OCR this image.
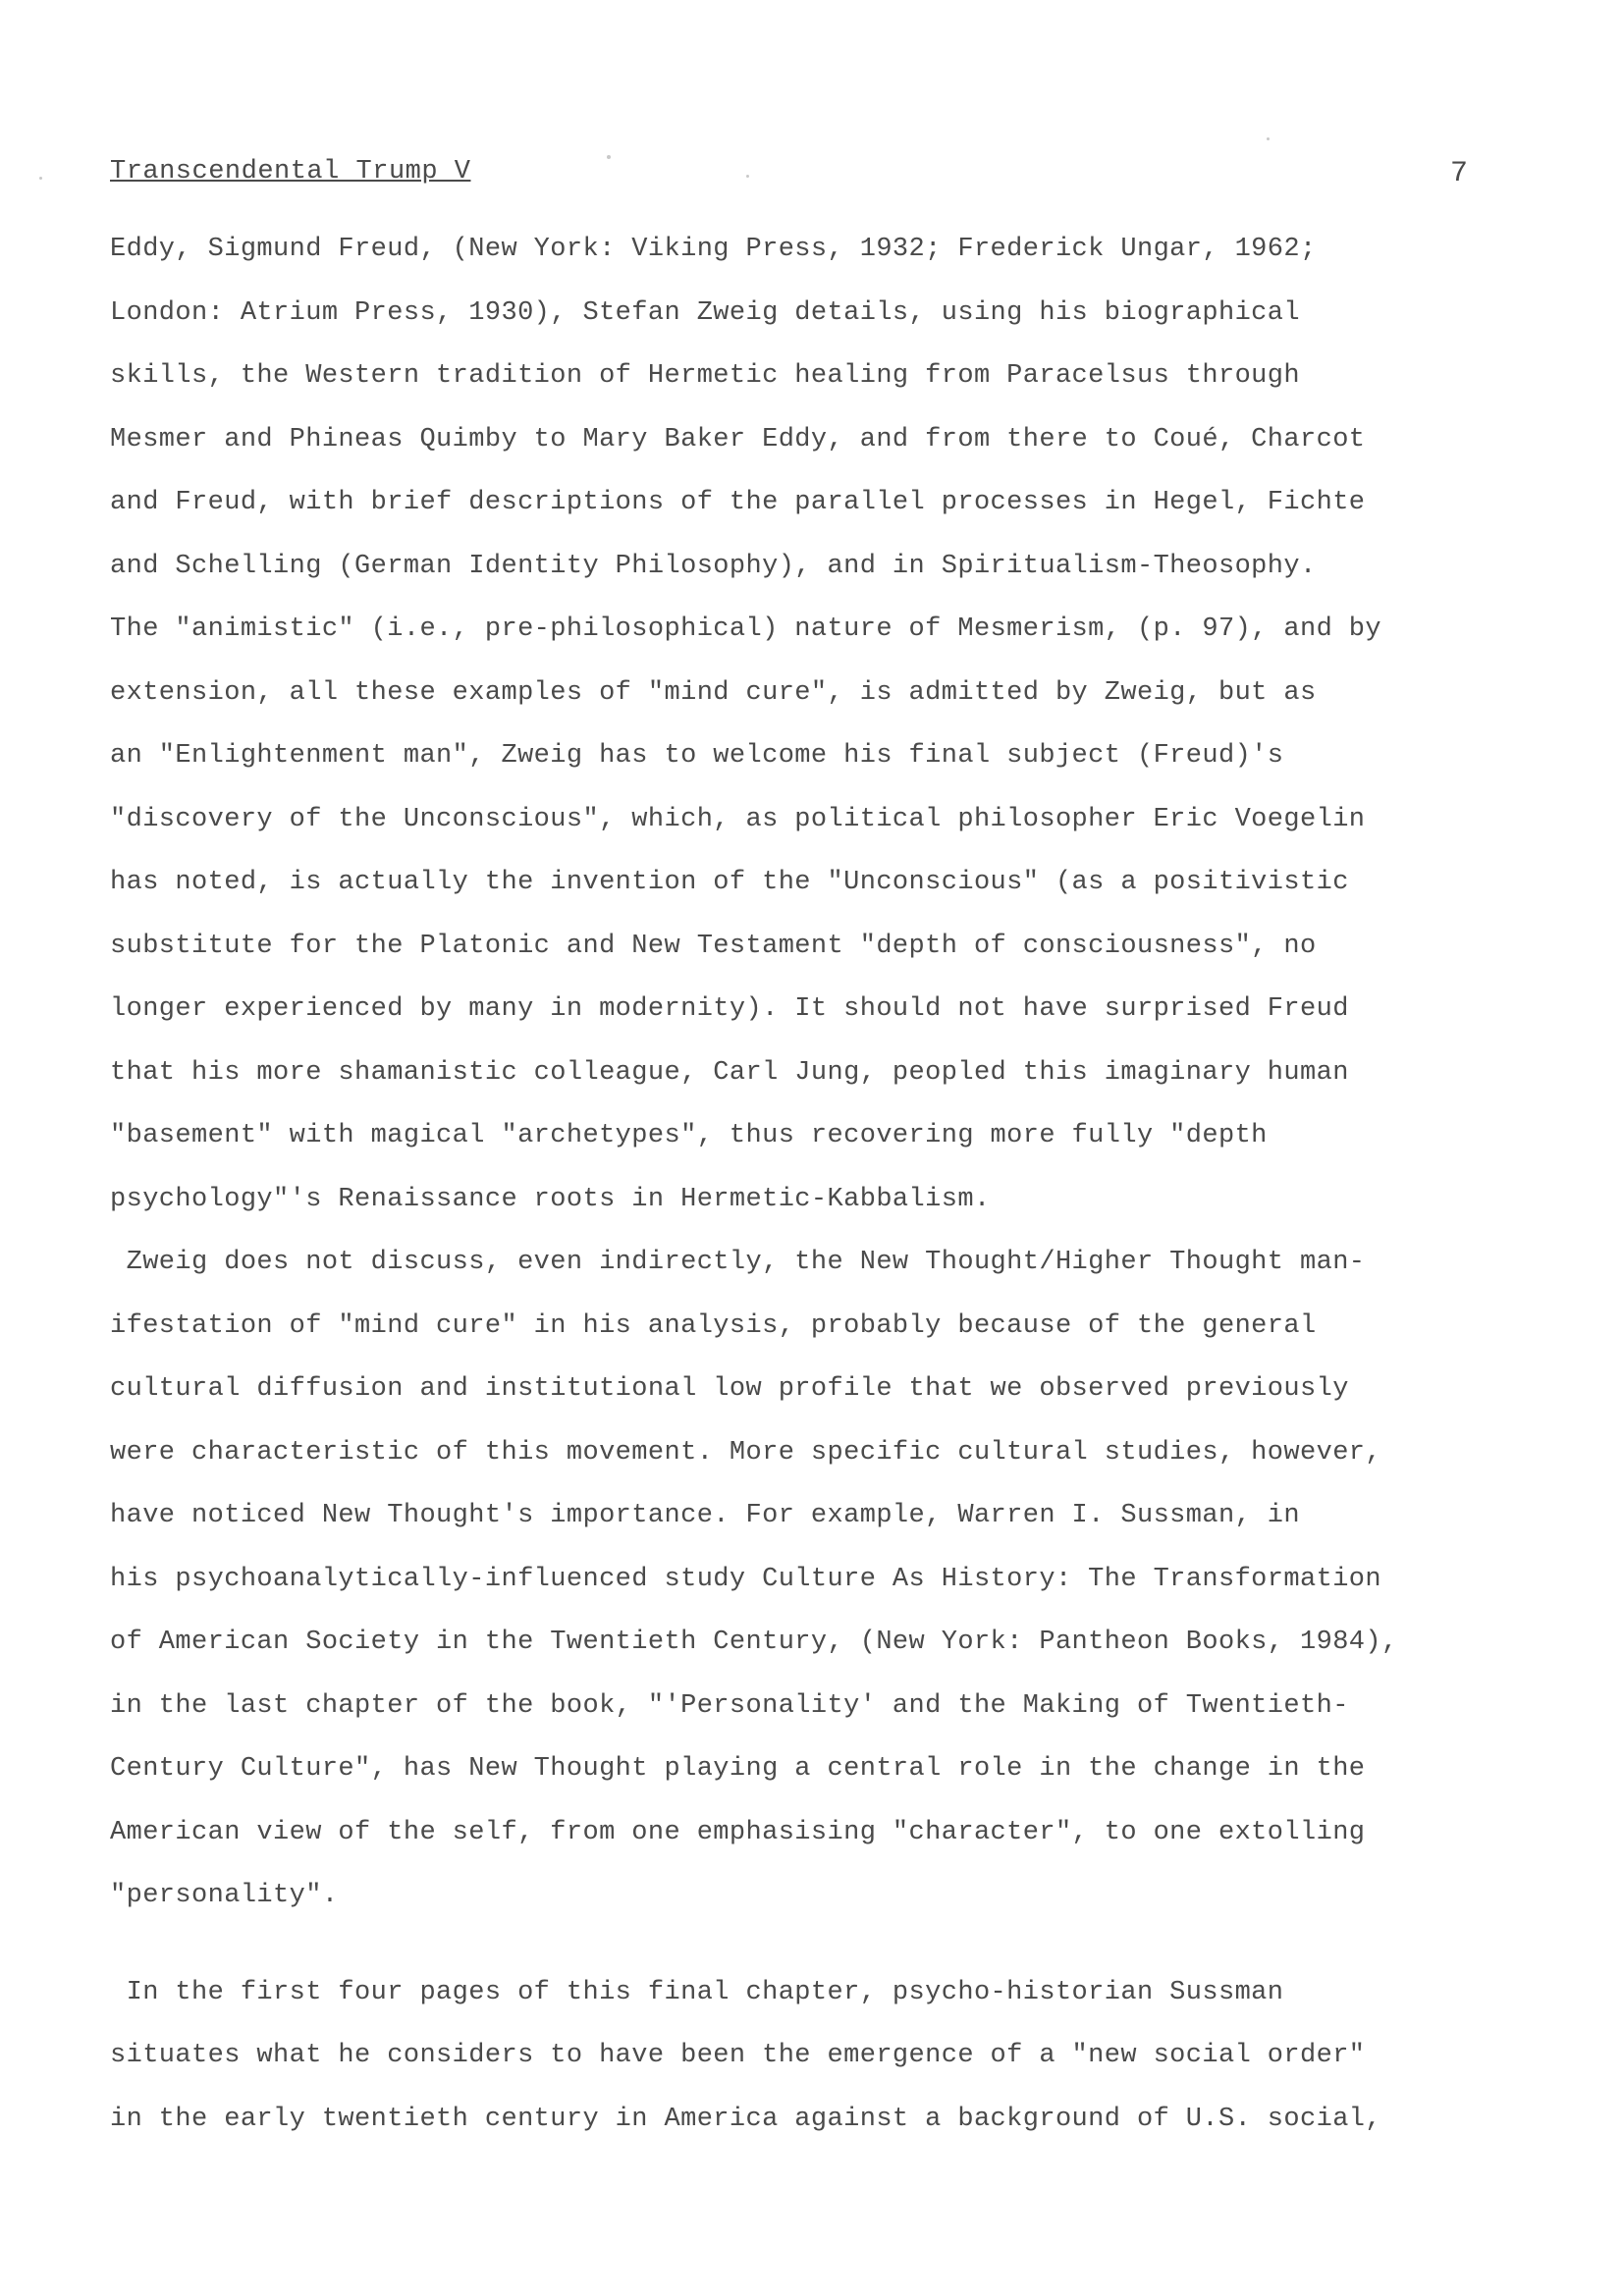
Transcendental Trump V	7
Eddy, Sigmund Freud, (New York: Viking Press, 1932; Frederick Ungar, 1962;
London: Atrium Press, 1930), Stefan Zweig details, using his biographical
skills, the Western tradition of Hermetic healing from Paracelsus through
Mesmer and Phineas Quimby to Mary Baker Eddy, and from there to Coué, Charcot
and Freud, with brief descriptions of the parallel processes in Hegel, Fichte
and Schelling (German Identity Philosophy), and in Spiritualism-Theosophy.
The "animistic" (i.e., pre-philosophical) nature of Mesmerism, (p. 97), and by
extension, all these examples of "mind cure", is admitted by Zweig, but as
an "Enlightenment man", Zweig has to welcome his final subject (Freud)'s
"discovery of the Unconscious", which, as political philosopher Eric Voegelin
has noted, is actually the invention of the "Unconscious" (as a positivistic
substitute for the Platonic and New Testament "depth of consciousness", no
longer experienced by many in modernity). It should not have surprised Freud
that his more shamanistic colleague, Carl Jung, peopled this imaginary human
"basement" with magical "archetypes", thus recovering more fully "depth
psychology"'s Renaissance roots in Hermetic-Kabbalism.
Zweig does not discuss, even indirectly, the New Thought/Higher Thought man-
ifestation of "mind cure" in his analysis, probably because of the general
cultural diffusion and institutional low profile that we observed previously
were characteristic of this movement. More specific cultural studies, however,
have noticed New Thought's importance. For example, Warren I. Sussman, in
his psychoanalytically-influenced study Culture As History: The Transformation
of American Society in the Twentieth Century, (New York: Pantheon Books, 1984),
in the last chapter of the book, "'Personality' and the Making of Twentieth-
Century Culture", has New Thought playing a central role in the change in the
American view of the self, from one emphasising "character", to one extolling
"personality".
In the first four pages of this final chapter, psycho-historian Sussman
situates what he considers to have been the emergence of a "new social order"
in the early twentieth century in America against a background of U.S. social,
